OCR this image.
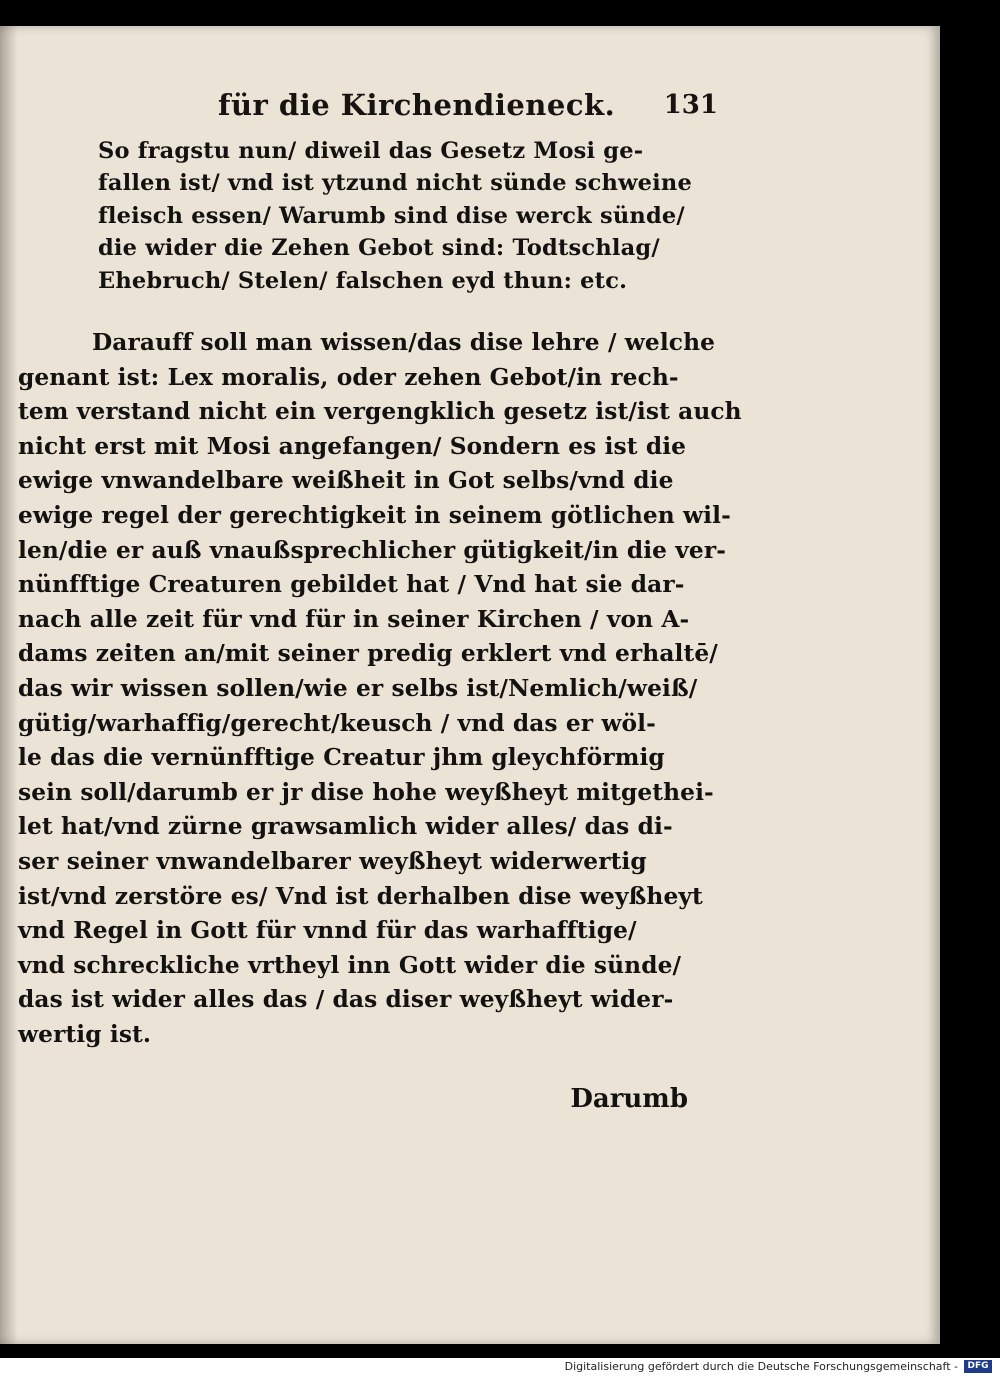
für die Kirchendieneck. 131
So fragstu nun/ diweil das Gesetz Mosi ge-
fallen ist/ vnd ist ytzund nicht sünde schweine
fleisch essen/ Warumb sind dise werck sünde/
die wider die Zehen Gebot sind: Todtschlag/
Ehebruch/ Stelen/ falschen eyd thun: etc.
Darauff soll man wissen/das dise lehre / welche
genant ist: Lex moralis, oder zehen Gebot/in rech-
tem verstand nicht ein vergengklich gesetz ist/ist auch
nicht erst mit Mosi angefangen/ Sondern es ist die
ewige vnwandelbare weißheit in Got selbs/vnd die
ewige regel der gerechtigkeit in seinem götlichen wil-
len/die er auß vnaußsprechlicher gütigkeit/in die ver-
nünfftige Creaturen gebildet hat / Vnd hat sie dar-
nach alle zeit für vnd für in seiner Kirchen / von A-
dams zeiten an/mit seiner predig erklert vnd erhaltē/
das wir wissen sollen/wie er selbs ist/Nemlich/weiß/
gütig/warhaffig/gerecht/keusch / vnd das er wöl-
le das die vernünfftige Creatur jhm gleychförmig
sein soll/darumb er jr dise hohe weyßheyt mitgethei-
let hat/vnd zürne grawsamlich wider alles/ das di-
ser seiner vnwandelbarer weyßheyt widerwertig
ist/vnd zerstöre es/ Vnd ist derhalben dise weyßheyt
vnd Regel in Gott für vnnd für das warhafftige/
vnd schreckliche vrtheyl inn Gott wider die sünde/
das ist wider alles das / das diser weyßheyt wider-
wertig ist.
Darumb
Digitalisierung gefördert durch die Deutsche Forschungsgemeinschaft -	DFG
